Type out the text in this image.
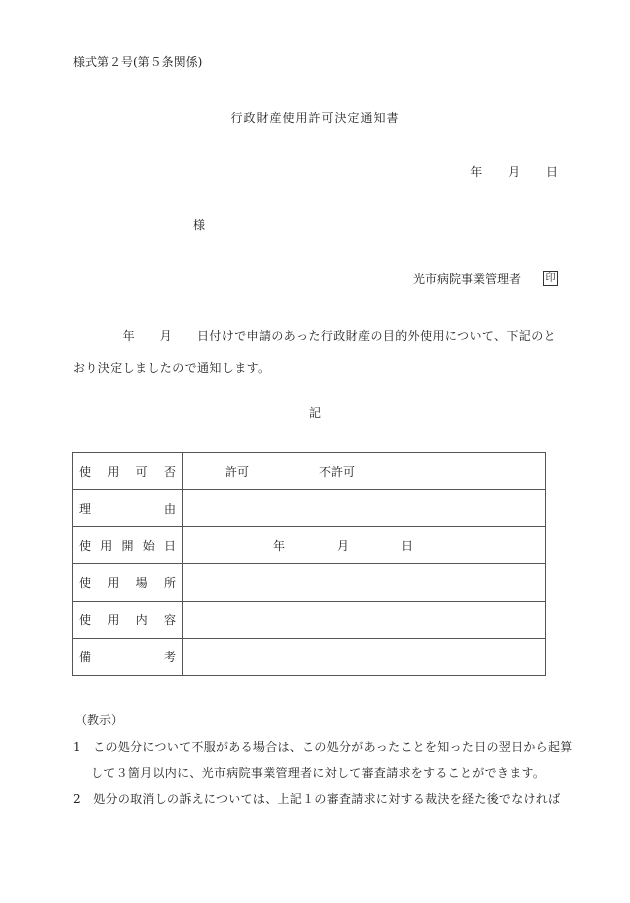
様式第２号(第５条関係)
行政財産使用許可決定通知書
年 月 日
様
光市病院事業管理者 印
　　　　年　　月　　日付けで申請のあった行政財産の目的外使用について、下記のとおり決定しましたので通知します。
記
使 用 可 否	許可 不許可

理 由	

使 用 開 始 日	年 月 日

使 用 場 所	

使 用 内 容	

備 考	

（教示）
1　この処分について不服がある場合は、この処分があったことを知った日の翌日から起算して３箇月以内に、光市病院事業管理者に対して審査請求をすることができます。
2　処分の取消しの訴えについては、上記１の審査請求に対する裁決を経た後でなければ
